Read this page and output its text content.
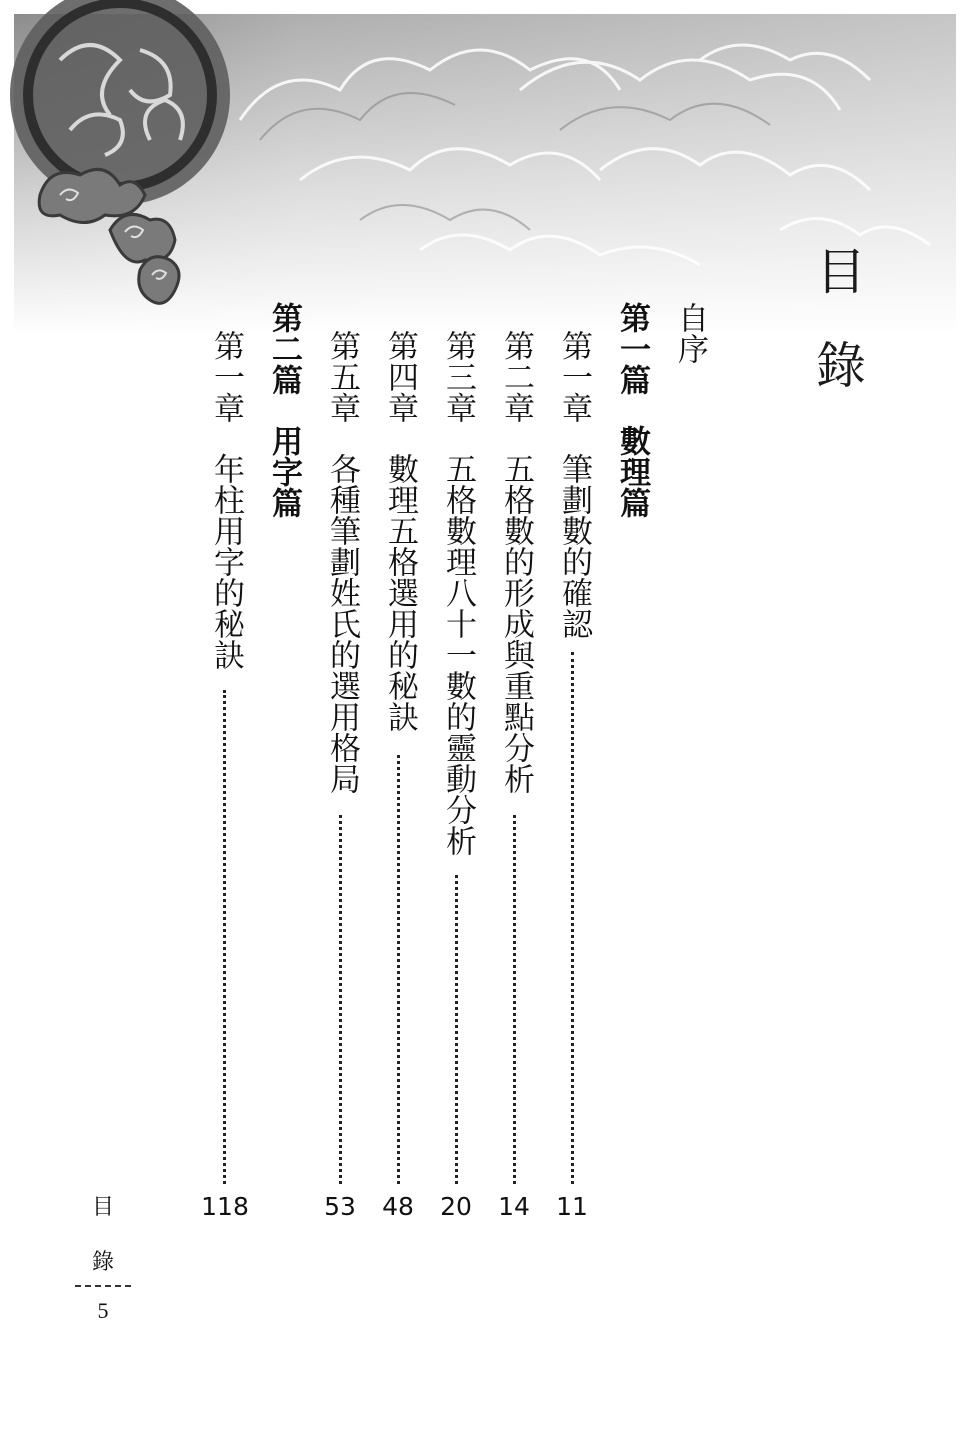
目錄
自序
第一篇數理篇
第一章筆劃數的確認
11
第二章五格數的形成與重點分析
14
第三章五格數理八十一數的靈動分析
20
第四章數理五格選用的秘訣
48
第五章各種筆劃姓氏的選用格局
53
第二篇用字篇
第一章年柱用字的秘訣
118
目
錄
5
